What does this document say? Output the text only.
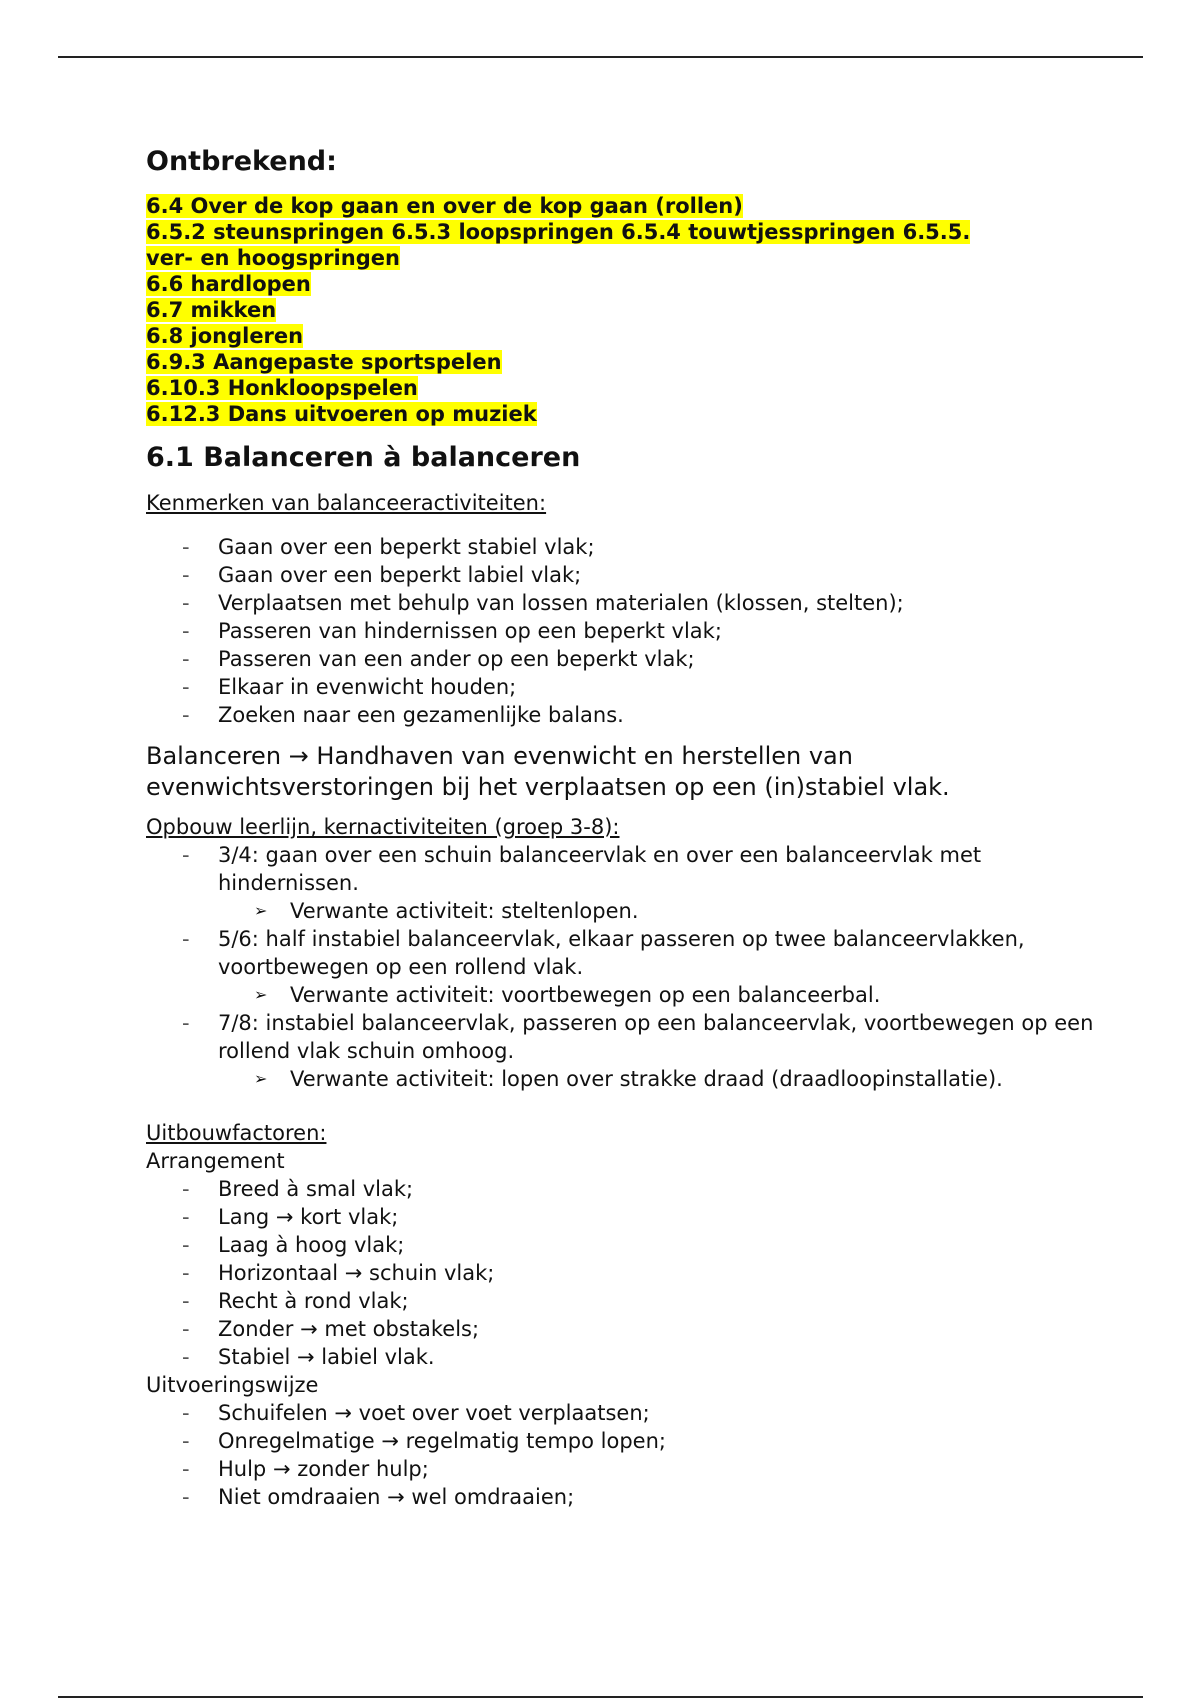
Ontbrekend:
6.4 Over de kop gaan en over de kop gaan (rollen)
6.5.2 steunspringen 6.5.3 loopspringen 6.5.4 touwtjesspringen 6.5.5.
ver- en hoogspringen
6.6 hardlopen
6.7 mikken
6.8 jongleren
6.9.3 Aangepaste sportspelen
6.10.3 Honkloopspelen
6.12.3 Dans uitvoeren op muziek
6.1 Balanceren à balanceren
Kenmerken van balanceeractiviteiten:
- Gaan over een beperkt stabiel vlak;
- Gaan over een beperkt labiel vlak;
- Verplaatsen met behulp van lossen materialen (klossen, stelten);
- Passeren van hindernissen op een beperkt vlak;
- Passeren van een ander op een beperkt vlak;
- Elkaar in evenwicht houden;
- Zoeken naar een gezamenlijke balans.
Balanceren → Handhaven van evenwicht en herstellen van evenwichtsverstoringen bij het verplaatsen op een (in)stabiel vlak.
Opbouw leerlijn, kernactiviteiten (groep 3-8):
- 3/4: gaan over een schuin balanceervlak en over een balanceervlak met hindernissen.
➢ Verwante activiteit: steltenlopen.
- 5/6: half instabiel balanceervlak, elkaar passeren op twee balanceervlakken, voortbewegen op een rollend vlak.
➢ Verwante activiteit: voortbewegen op een balanceerbal.
- 7/8: instabiel balanceervlak, passeren op een balanceervlak, voortbewegen op een rollend vlak schuin omhoog.
➢ Verwante activiteit: lopen over strakke draad (draadloopinstallatie).
Uitbouwfactoren:
Arrangement
- Breed à smal vlak;
- Lang → kort vlak;
- Laag à hoog vlak;
- Horizontaal → schuin vlak;
- Recht à rond vlak;
- Zonder → met obstakels;
- Stabiel → labiel vlak.
Uitvoeringswijze
- Schuifelen → voet over voet verplaatsen;
- Onregelmatige → regelmatig tempo lopen;
- Hulp → zonder hulp;
- Niet omdraaien → wel omdraaien;
